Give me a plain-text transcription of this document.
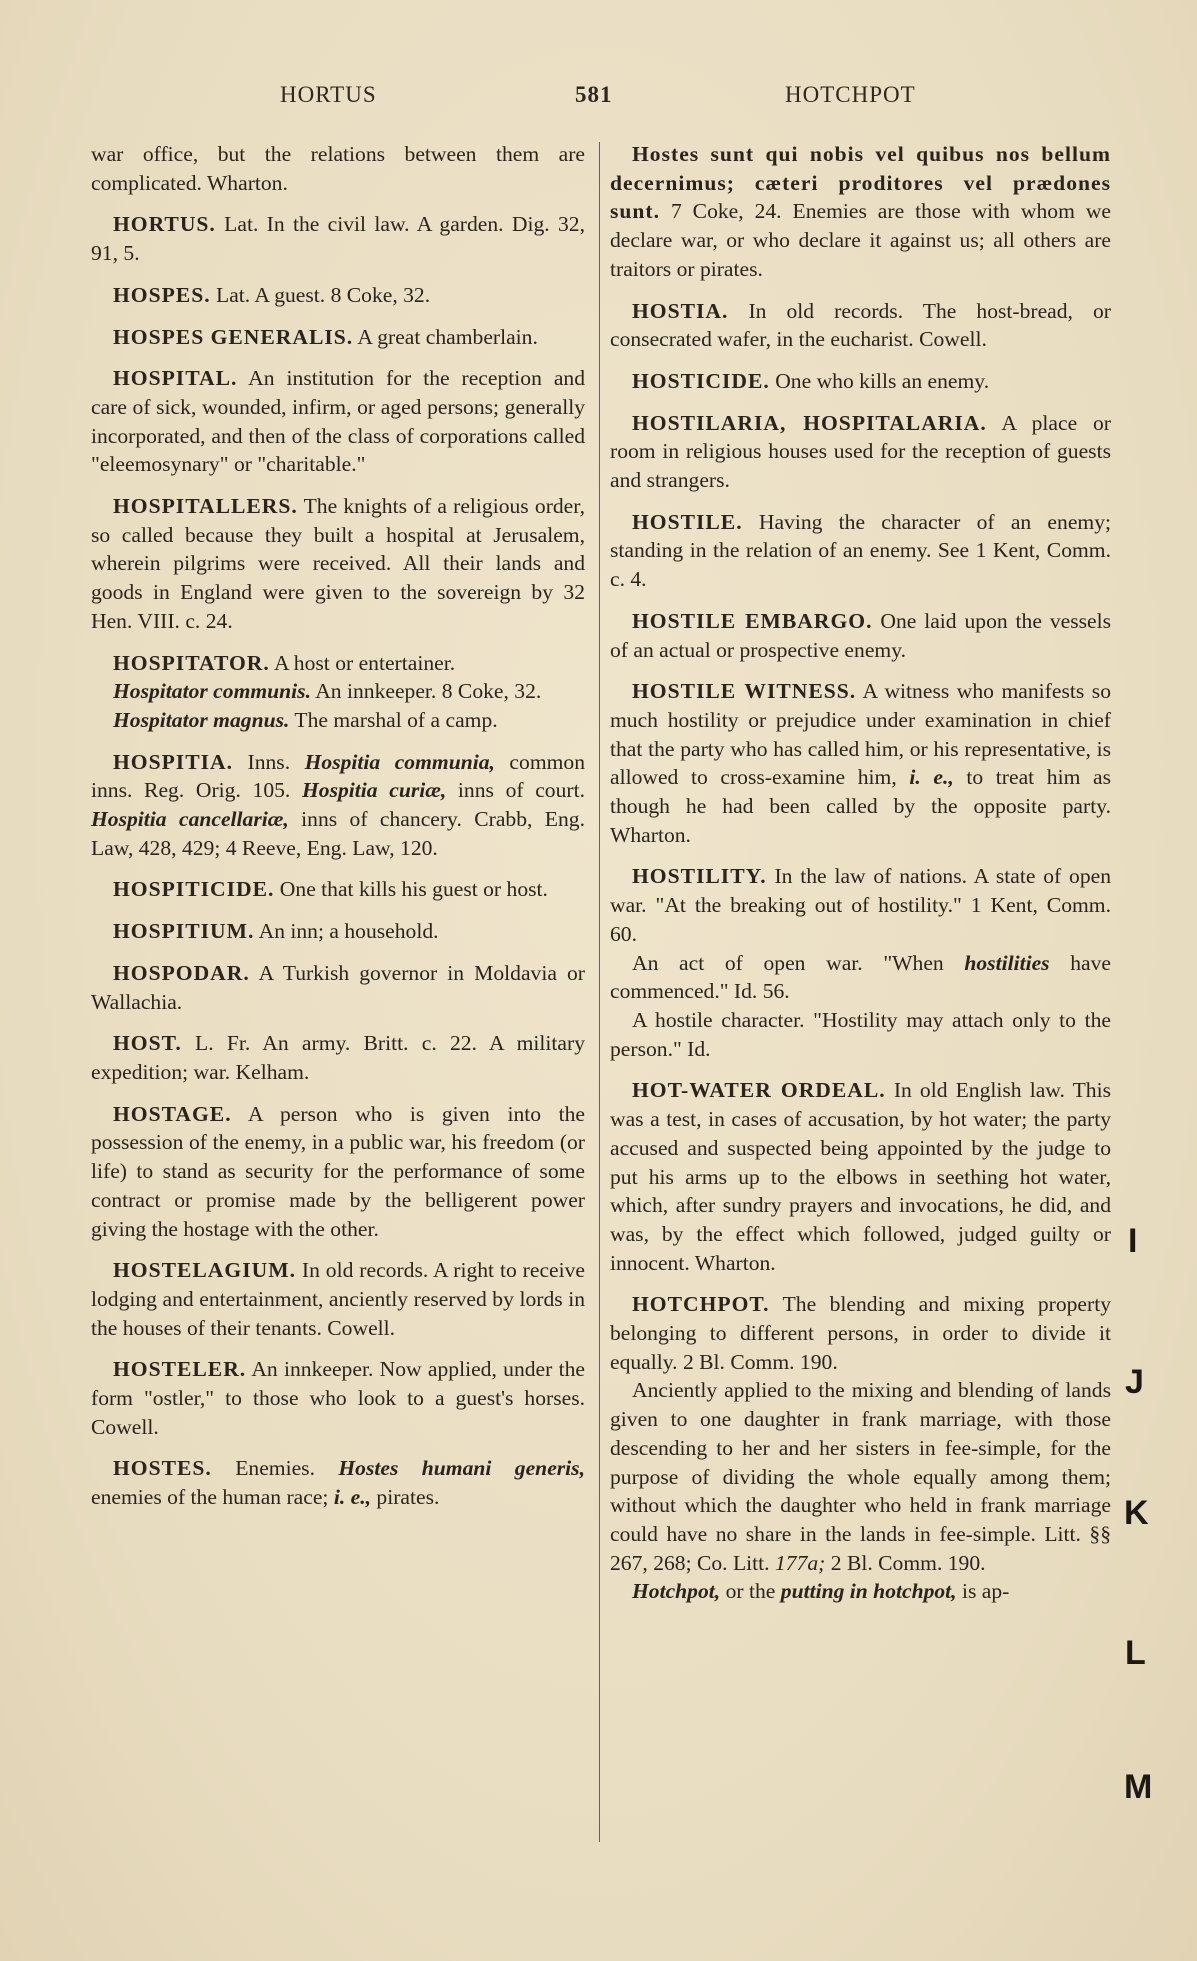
HORTUS	581	HOTCHPOT

war office, but the relations between them are complicated. Wharton.

HORTUS. Lat. In the civil law. A garden. Dig. 32, 91, 5.

HOSPES. Lat. A guest. 8 Coke, 32.

HOSPES GENERALIS. A great chamberlain.

HOSPITAL. An institution for the reception and care of sick, wounded, infirm, or aged persons; generally incorporated, and then of the class of corporations called "eleemosynary" or "charitable."

HOSPITALLERS. The knights of a religious order, so called because they built a hospital at Jerusalem, wherein pilgrims were received. All their lands and goods in England were given to the sovereign by 32 Hen. VIII. c. 24.

HOSPITATOR. A host or entertainer.
Hospitator communis. An innkeeper. 8 Coke, 32.
Hospitator magnus. The marshal of a camp.

HOSPITIA. Inns. Hospitia communia, common inns. Reg. Orig. 105. Hospitia curiæ, inns of court. Hospitia cancellariæ, inns of chancery. Crabb, Eng. Law, 428, 429; 4 Reeve, Eng. Law, 120.

HOSPITICIDE. One that kills his guest or host.

HOSPITIUM. An inn; a household.

HOSPODAR. A Turkish governor in Moldavia or Wallachia.

HOST. L. Fr. An army. Britt. c. 22. A military expedition; war. Kelham.

HOSTAGE. A person who is given into the possession of the enemy, in a public war, his freedom (or life) to stand as security for the performance of some contract or promise made by the belligerent power giving the hostage with the other.

HOSTELAGIUM. In old records. A right to receive lodging and entertainment, anciently reserved by lords in the houses of their tenants. Cowell.

HOSTELER. An innkeeper. Now applied, under the form "ostler," to those who look to a guest's horses. Cowell.

HOSTES. Enemies. Hostes humani generis, enemies of the human race; i. e., pirates.

Hostes sunt qui nobis vel quibus nos bellum decernimus; cæteri proditores vel prædones sunt. 7 Coke, 24. Enemies are those with whom we declare war, or who declare it against us; all others are traitors or pirates.

HOSTIA. In old records. The host-bread, or consecrated wafer, in the eucharist. Cowell.

HOSTICIDE. One who kills an enemy.

HOSTILARIA, HOSPITALARIA. A place or room in religious houses used for the reception of guests and strangers.

HOSTILE. Having the character of an enemy; standing in the relation of an enemy. See 1 Kent, Comm. c. 4.

HOSTILE EMBARGO. One laid upon the vessels of an actual or prospective enemy.

HOSTILE WITNESS. A witness who manifests so much hostility or prejudice under examination in chief that the party who has called him, or his representative, is allowed to cross-examine him, i. e., to treat him as though he had been called by the opposite party. Wharton.

HOSTILITY. In the law of nations. A state of open war. "At the breaking out of hostility." 1 Kent, Comm. 60.
An act of open war. "When hostilities have commenced." Id. 56.
A hostile character. "Hostility may attach only to the person." Id.

HOT-WATER ORDEAL. In old English law. This was a test, in cases of accusation, by hot water; the party accused and suspected being appointed by the judge to put his arms up to the elbows in seething hot water, which, after sundry prayers and invocations, he did, and was, by the effect which followed, judged guilty or innocent. Wharton.

HOTCHPOT. The blending and mixing property belonging to different persons, in order to divide it equally. 2 Bl. Comm. 190.
Anciently applied to the mixing and blending of lands given to one daughter in frank marriage, with those descending to her and her sisters in fee-simple, for the purpose of dividing the whole equally among them; without which the daughter who held in frank marriage could have no share in the lands in fee-simple. Litt. §§ 267, 268; Co. Litt. 177a; 2 Bl. Comm. 190.
Hotchpot, or the putting in hotchpot, is ap-

I
J
K
L
M
